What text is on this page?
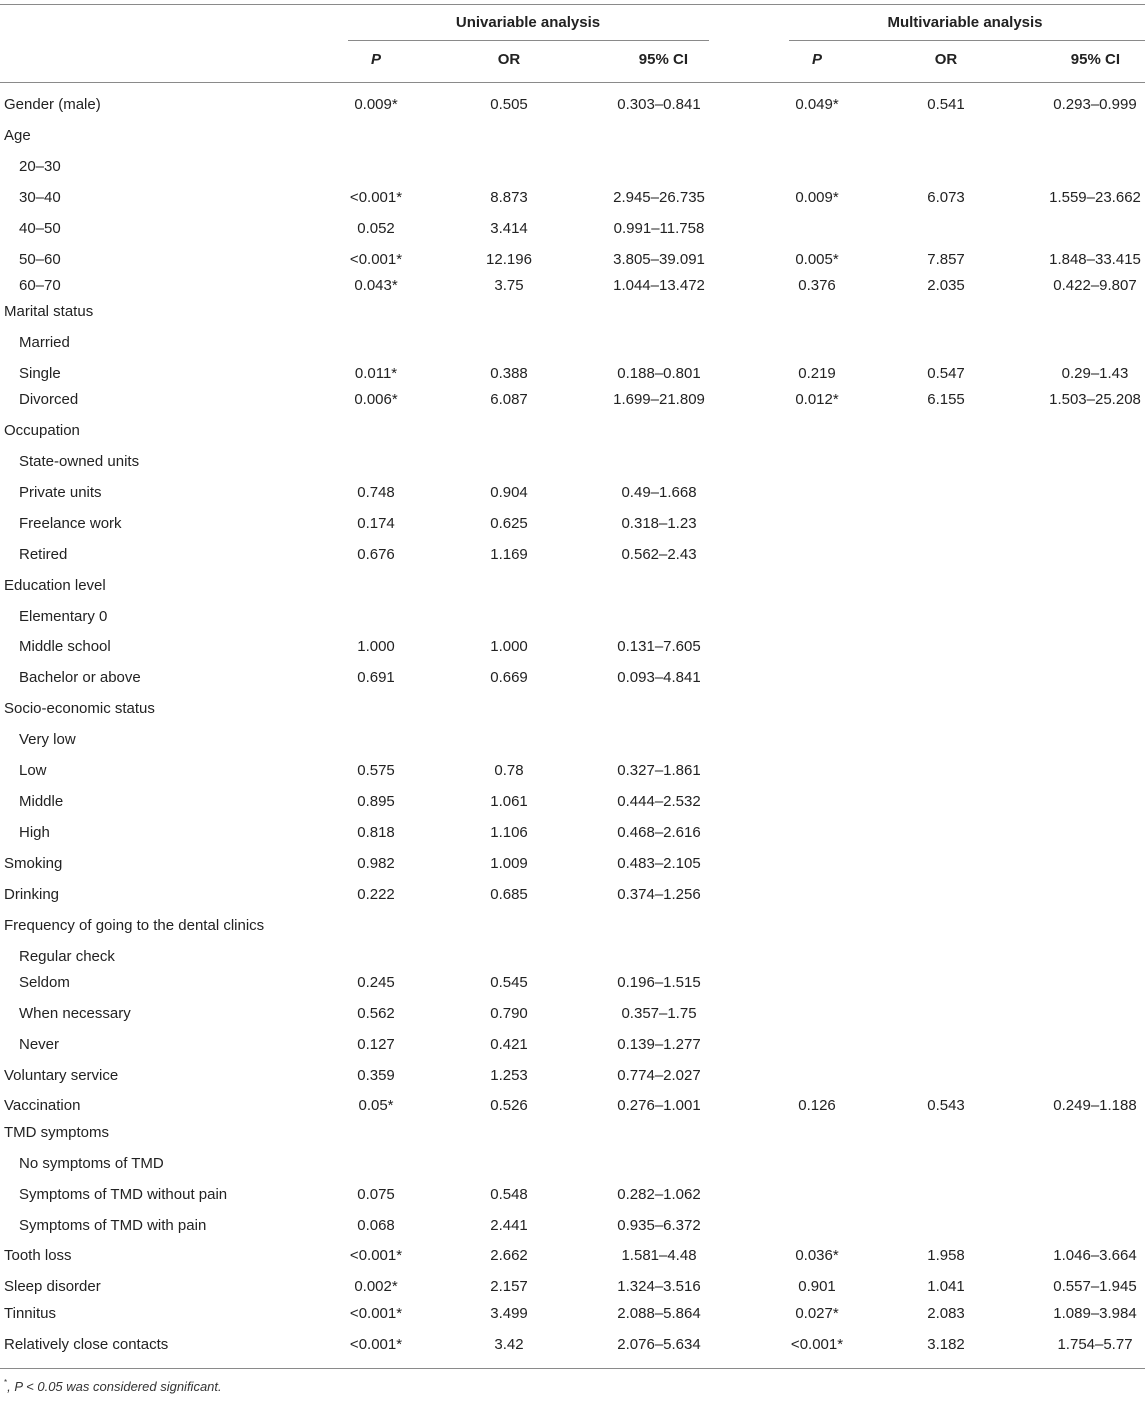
Univariable analysis	Multivariable analysis
P	OR	95% CI	P	OR	95% CI
Gender (male)	0.009*	0.505	0.303–0.841	0.049*	0.541	0.293–0.999
Age
20–30
30–40	<0.001*	8.873	2.945–26.735	0.009*	6.073	1.559–23.662
40–50	0.052	3.414	0.991–11.758
50–60	<0.001*	12.196	3.805–39.091	0.005*	7.857	1.848–33.415
60–70	0.043*	3.75	1.044–13.472	0.376	2.035	0.422–9.807
Marital status
Married
Single	0.011*	0.388	0.188–0.801	0.219	0.547	0.29–1.43
Divorced	0.006*	6.087	1.699–21.809	0.012*	6.155	1.503–25.208
Occupation
State-owned units
Private units	0.748	0.904	0.49–1.668
Freelance work	0.174	0.625	0.318–1.23
Retired	0.676	1.169	0.562–2.43
Education level
Elementary 0
Middle school	1.000	1.000	0.131–7.605
Bachelor or above	0.691	0.669	0.093–4.841
Socio-economic status
Very low
Low	0.575	0.78	0.327–1.861
Middle	0.895	1.061	0.444–2.532
High	0.818	1.106	0.468–2.616
Smoking	0.982	1.009	0.483–2.105
Drinking	0.222	0.685	0.374–1.256
Frequency of going to the dental clinics
Regular check
Seldom	0.245	0.545	0.196–1.515
When necessary	0.562	0.790	0.357–1.75
Never	0.127	0.421	0.139–1.277
Voluntary service	0.359	1.253	0.774–2.027
Vaccination	0.05*	0.526	0.276–1.001	0.126	0.543	0.249–1.188
TMD symptoms
No symptoms of TMD
Symptoms of TMD without pain	0.075	0.548	0.282–1.062
Symptoms of TMD with pain	0.068	2.441	0.935–6.372
Tooth loss	<0.001*	2.662	1.581–4.48	0.036*	1.958	1.046–3.664
Sleep disorder	0.002*	2.157	1.324–3.516	0.901	1.041	0.557–1.945
Tinnitus	<0.001*	3.499	2.088–5.864	0.027*	2.083	1.089–3.984
Relatively close contacts	<0.001*	3.42	2.076–5.634	<0.001*	3.182	1.754–5.77
*, P < 0.05 was considered significant.
